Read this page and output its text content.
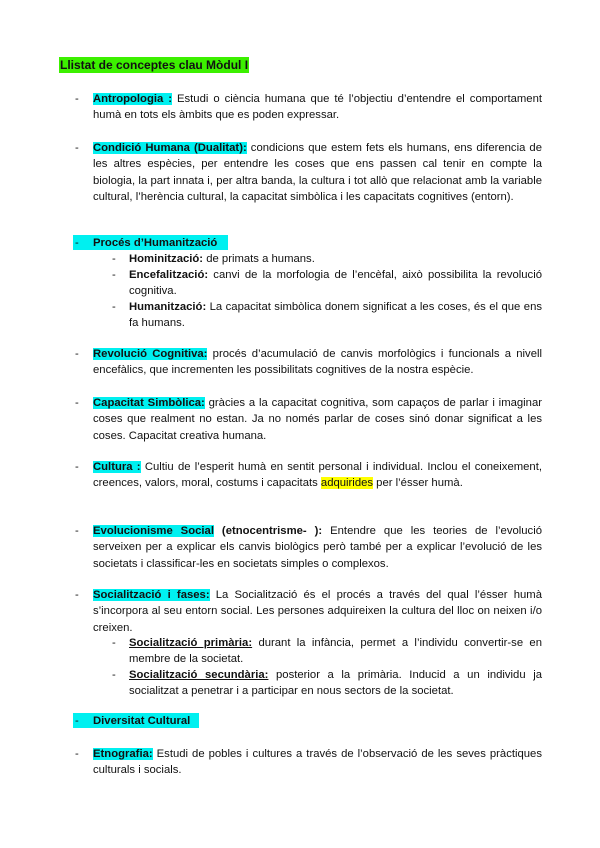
Llistat de conceptes clau Mòdul I
- Antropologia : Estudi o ciència humana que té l’objectiu d’entendre el comportament humà en tots els àmbits que es poden expressar.
- Condició Humana (Dualitat): condicions que estem fets els humans, ens diferencia de les altres espècies, per entendre les coses que ens passen cal tenir en compte la biologia, la part innata i, per altra banda, la cultura i tot allò que relacionat amb la variable cultural, l’herència cultural, la capacitat simbòlica i les capacitats cognitives (entorn).
- Procés d’Humanització
- Hominització: de primats a humans.
- Encefalització: canvi de la morfologia de l’encèfal, això possibilita la revolució cognitiva.
- Humanització: La capacitat simbòlica donem significat a les coses, és el que ens fa humans.
- Revolució Cognitiva: procés d’acumulació de canvis morfològics i funcionals a nivell encefàlics, que incrementen les possibilitats cognitives de la nostra espècie.
- Capacitat Simbòlica: gràcies a la capacitat cognitiva, som capaços de parlar i imaginar coses que realment no estan. Ja no només parlar de coses sinó donar significat a les coses. Capacitat creativa humana.
- Cultura : Cultiu de l’esperit humà en sentit personal i individual. Inclou el coneixement, creences, valors, moral, costums i capacitats adquirides per l’ésser humà.
- Evolucionisme Social (etnocentrisme- ): Entendre que les teories de l’evolució serveixen per a explicar els canvis biològics però també per a explicar l’evolució de les societats i classificar-les en societats simples o complexos.
- Socialització i fases: La Socialització és el procés a través del qual l’ésser humà s’incorpora al seu entorn social. Les persones adquireixen la cultura del lloc on neixen i/o creixen.
- Socialització primària: durant la infància, permet a l’individu convertir-se en membre de la societat.
- Socialització secundària: posterior a la primària. Inducid a un individu ja socialitzat a penetrar i a participar en nous sectors de la societat.
- Diversitat Cultural
- Etnografia: Estudi de pobles i cultures a través de l’observació de les seves pràctiques culturals i socials.
